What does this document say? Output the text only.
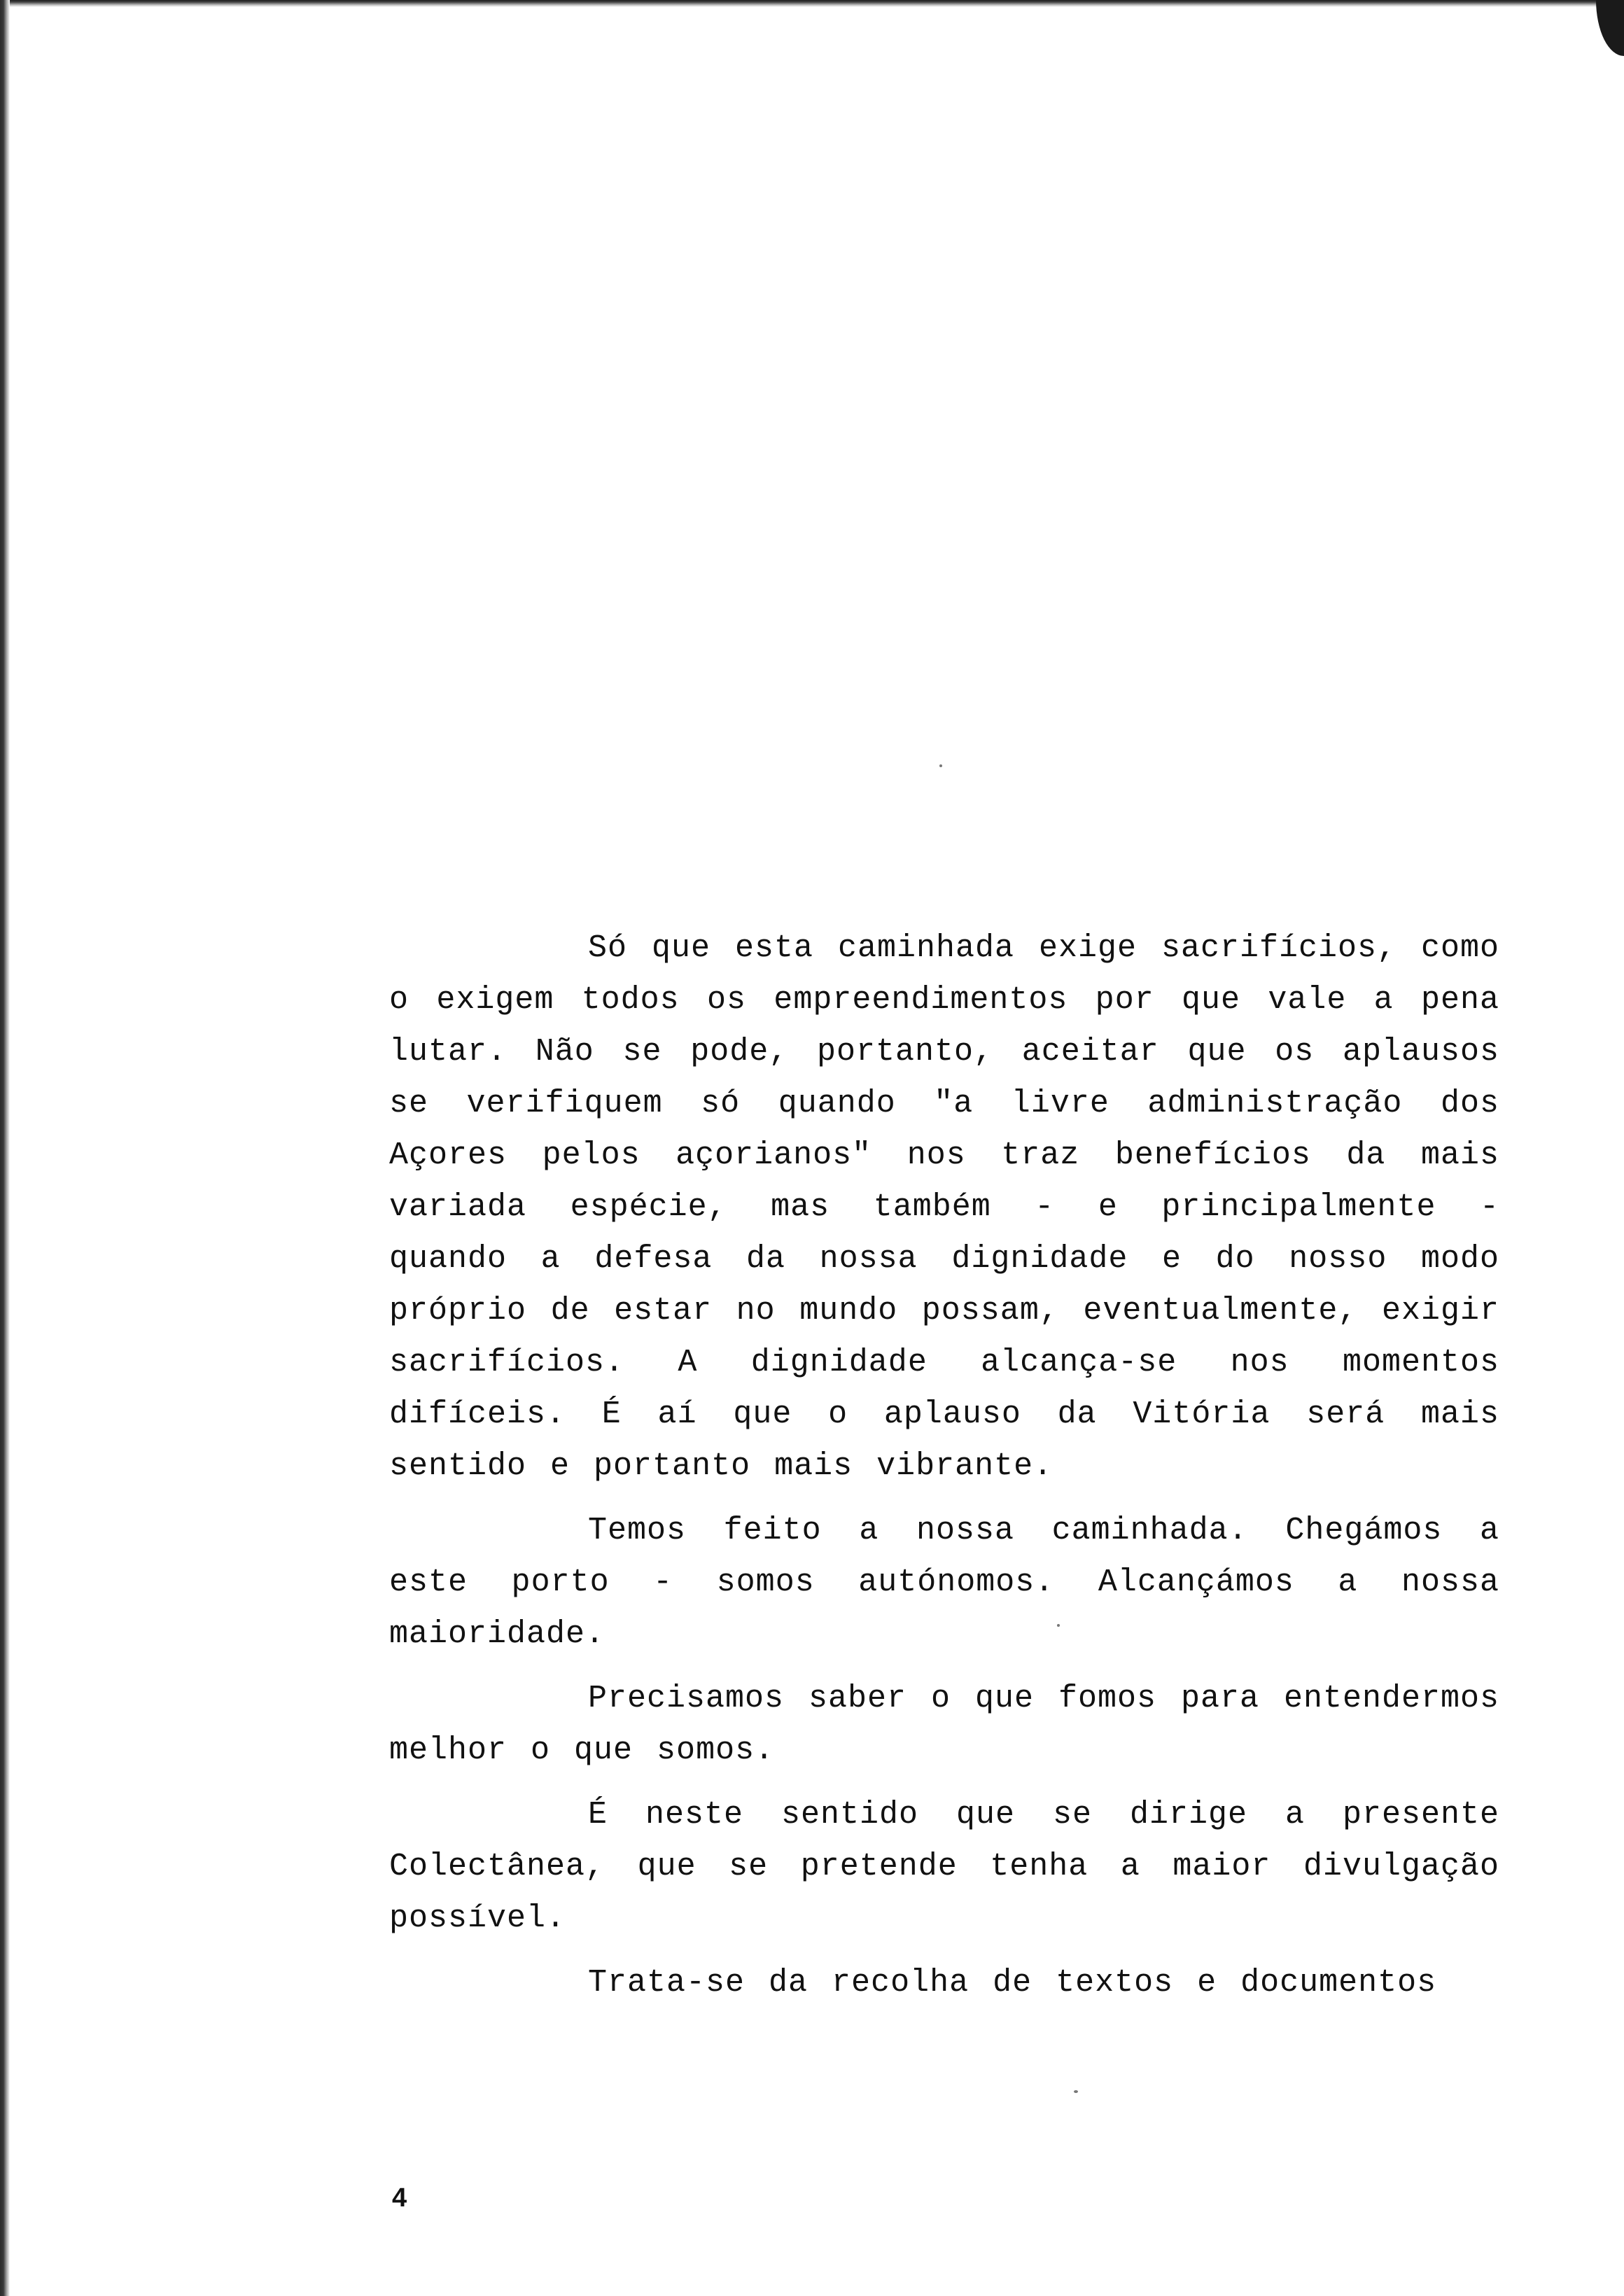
Só que esta caminhada exige sacrifícios, como o exigem todos os empreendimentos por que vale a pena lutar. Não se pode, portanto, aceitar que os aplausos se verifiquem só quando "a livre administração dos Açores pelos açorianos" nos traz benefícios da mais variada espécie, mas também - e principalmente - quando a defesa da nossa dignidade e do nosso modo próprio de estar no mundo possam, eventualmente, exigir sacrifícios. A dignidade alcança-se nos momentos difíceis. É aí que o aplauso da Vitória será mais sentido e portanto mais vibrante.

Temos feito a nossa caminhada. Chegámos a este porto - somos autónomos. Alcançámos a nossa maioridade.

Precisamos saber o que fomos para entendermos melhor o que somos.

É neste sentido que se dirige a presente Colectânea, que se pretende tenha a maior divulgação possível.

Trata-se da recolha de textos e documentos

4
